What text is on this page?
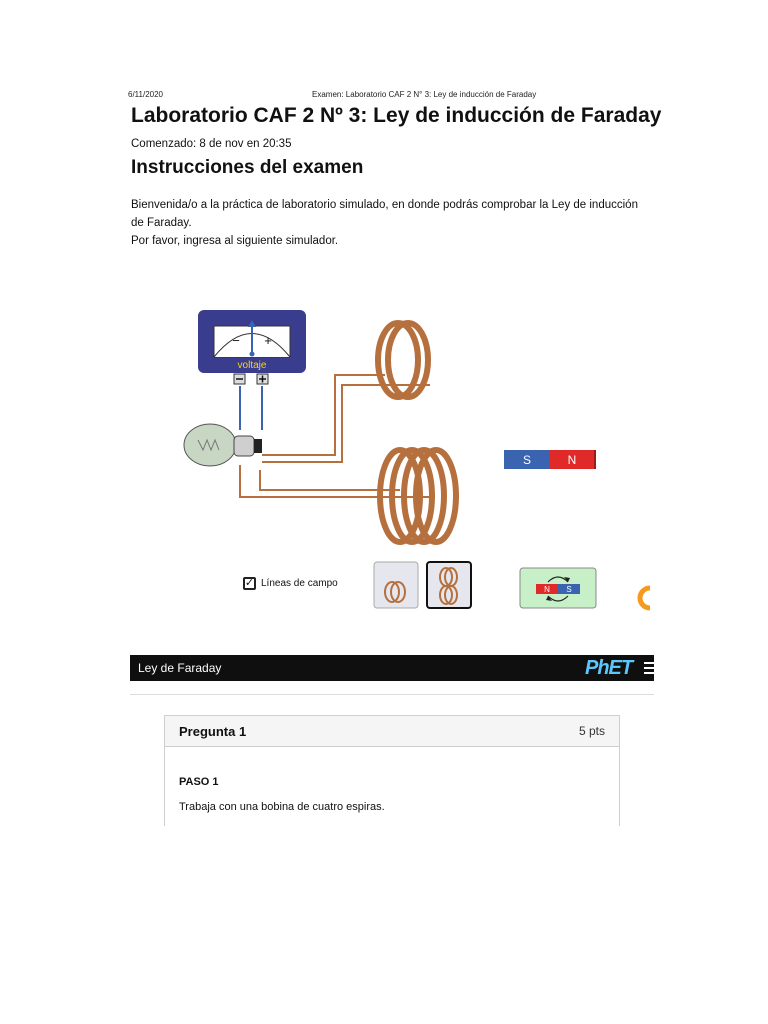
6/11/2020	Examen: Laboratorio CAF 2 N° 3: Ley de inducción de Faraday
Laboratorio CAF 2 Nº 3: Ley de inducción de Faraday
Comenzado: 8 de nov en 20:35
Instrucciones del examen
Bienvenida/o a la práctica de laboratorio simulado, en donde podrás comprobar la Ley de inducción de Faraday.
Por favor, ingresa al siguiente simulador.
− +
voltaje
S	N
N S
✓ Líneas de campo
Ley de Faraday	PhET
Pregunta 1	5 pts
PASO 1
Trabaja con una bobina de cuatro espiras.
